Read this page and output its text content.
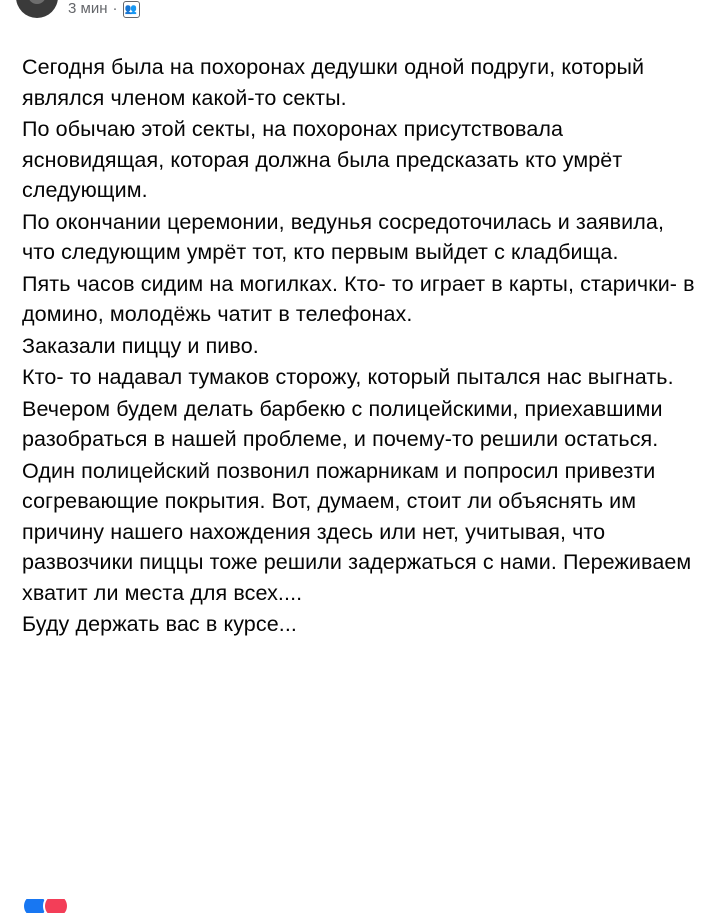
3 мин · 👥

Сегодня была на похоронах дедушки одной подруги, который являлся членом какой-то секты.

По обычаю этой секты, на похоронах присутствовала ясновидящая, которая должна была предсказать кто умрёт следующим.

По окончании церемонии, ведунья сосредоточилась и заявила, что следующим умрёт тот, кто первым выйдет с кладбища.

Пять часов сидим на могилках. Кто- то играет в карты, старички- в домино, молодёжь чатит в телефонах.

Заказали пиццу и пиво.

Кто- то надавал тумаков сторожу, который пытался нас выгнать.

Вечером будем делать барбекю с полицейскими, приехавшими разобраться в нашей проблеме, и почему-то решили остаться.

Один полицейский позвонил пожарникам и попросил привезти согревающие покрытия. Вот, думаем, стоит ли объяснять им причину нашего нахождения здесь или нет, учитывая, что развозчики пиццы тоже решили задержаться с нами. Переживаем хватит ли места для всех....

Буду держать вас в курсе...
